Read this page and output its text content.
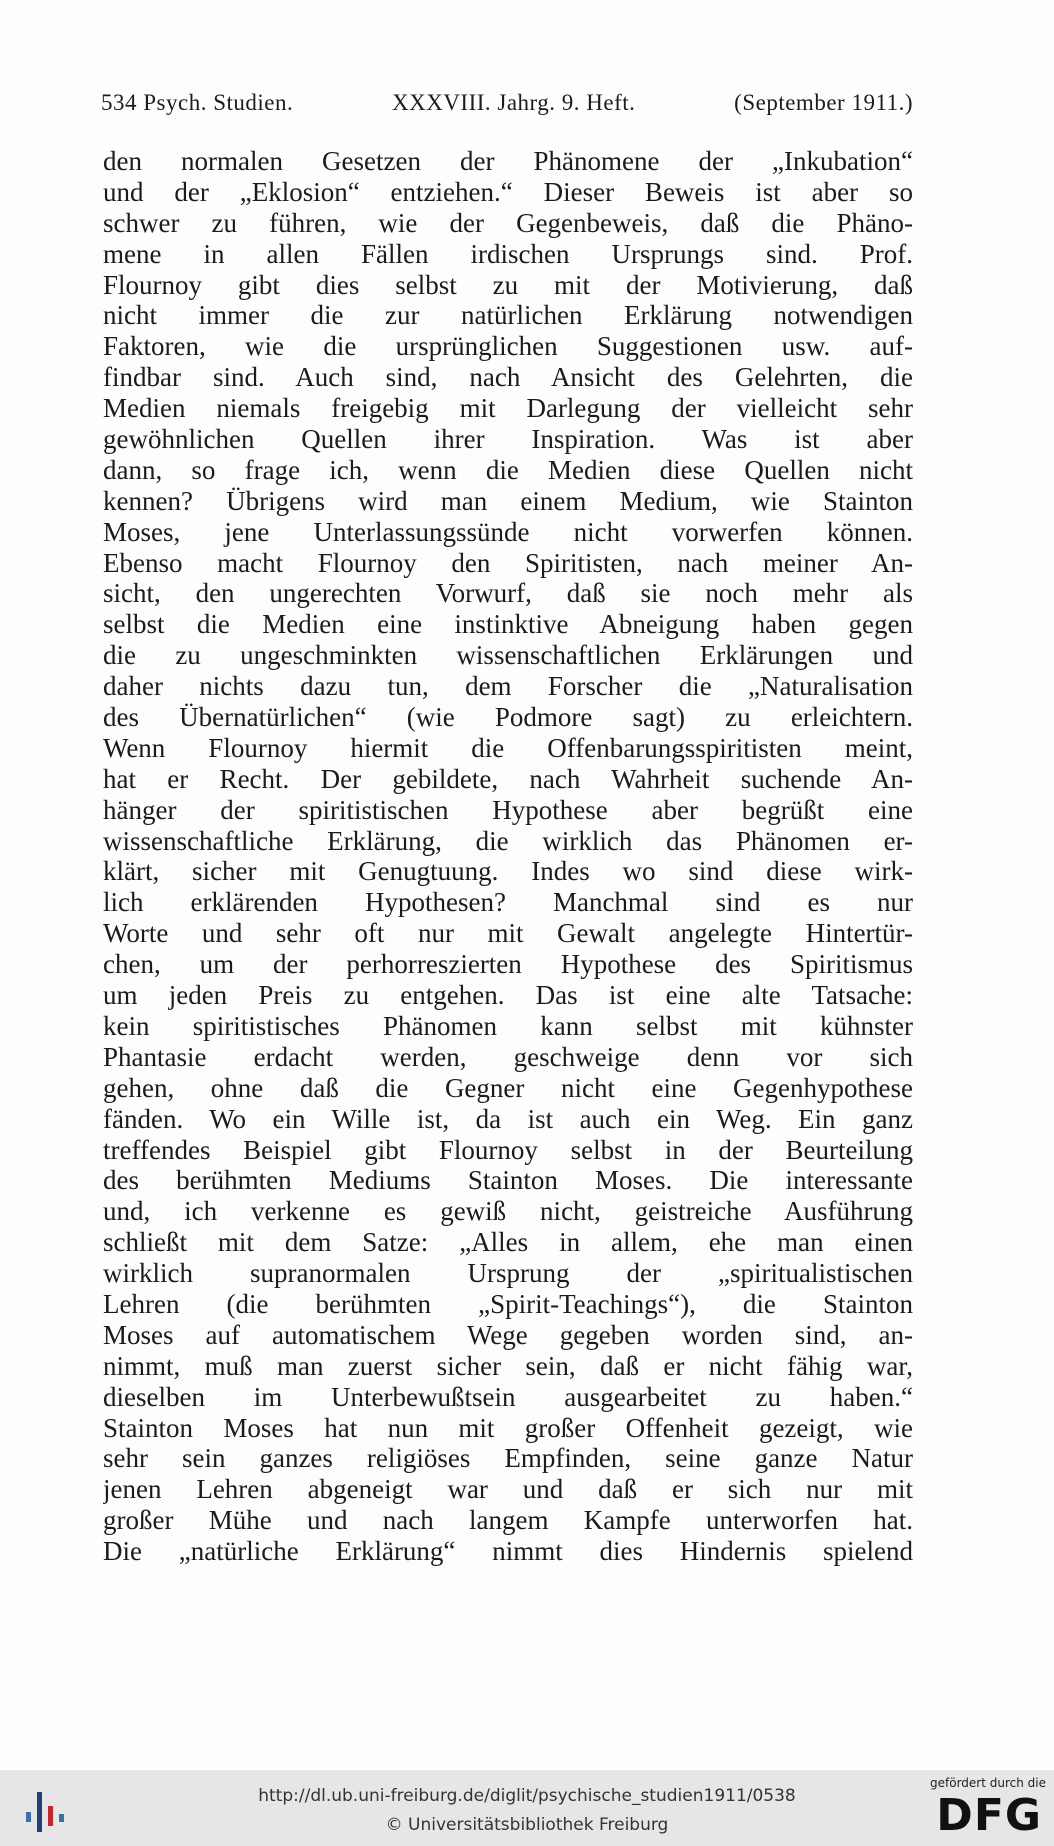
534 Psych. Studien.	XXXVIII. Jahrg. 9. Heft.	(September 1911.)
den normalen Gesetzen der Phänomene der „Inkubation“
und der „Eklosion“ entziehen.“ Dieser Beweis ist aber so
schwer zu führen, wie der Gegenbeweis, daß die Phäno-
mene in allen Fällen irdischen Ursprungs sind. Prof.
Flournoy gibt dies selbst zu mit der Motivierung, daß
nicht immer die zur natürlichen Erklärung notwendigen
Faktoren, wie die ursprünglichen Suggestionen usw. auf-
findbar sind. Auch sind, nach Ansicht des Gelehrten, die
Medien niemals freigebig mit Darlegung der vielleicht sehr
gewöhnlichen Quellen ihrer Inspiration. Was ist aber
dann, so frage ich, wenn die Medien diese Quellen nicht
kennen? Übrigens wird man einem Medium, wie Stainton
Moses, jene Unterlassungssünde nicht vorwerfen können.
Ebenso macht Flournoy den Spiritisten, nach meiner An-
sicht, den ungerechten Vorwurf, daß sie noch mehr als
selbst die Medien eine instinktive Abneigung haben gegen
die zu ungeschminkten wissenschaftlichen Erklärungen und
daher nichts dazu tun, dem Forscher die „Naturalisation
des Übernatürlichen“ (wie Podmore sagt) zu erleichtern.
Wenn Flournoy hiermit die Offenbarungsspiritisten meint,
hat er Recht. Der gebildete, nach Wahrheit suchende An-
hänger der spiritistischen Hypothese aber begrüßt eine
wissenschaftliche Erklärung, die wirklich das Phänomen er-
klärt, sicher mit Genugtuung. Indes wo sind diese wirk-
lich erklärenden Hypothesen? Manchmal sind es nur
Worte und sehr oft nur mit Gewalt angelegte Hintertür-
chen, um der perhorreszierten Hypothese des Spiritismus
um jeden Preis zu entgehen. Das ist eine alte Tatsache:
kein spiritistisches Phänomen kann selbst mit kühnster
Phantasie erdacht werden, geschweige denn vor sich
gehen, ohne daß die Gegner nicht eine Gegenhypothese
fänden. Wo ein Wille ist, da ist auch ein Weg. Ein ganz
treffendes Beispiel gibt Flournoy selbst in der Beurteilung
des berühmten Mediums Stainton Moses. Die interessante
und, ich verkenne es gewiß nicht, geistreiche Ausführung
schließt mit dem Satze: „Alles in allem, ehe man einen
wirklich supranormalen Ursprung der „spiritualistischen
Lehren (die berühmten „Spirit-Teachings“), die Stainton
Moses auf automatischem Wege gegeben worden sind, an-
nimmt, muß man zuerst sicher sein, daß er nicht fähig war,
dieselben im Unterbewußtsein ausgearbeitet zu haben.“
Stainton Moses hat nun mit großer Offenheit gezeigt, wie
sehr sein ganzes religiöses Empfinden, seine ganze Natur
jenen Lehren abgeneigt war und daß er sich nur mit
großer Mühe und nach langem Kampfe unterworfen hat.
Die „natürliche Erklärung“ nimmt dies Hindernis spielend
http://dl.ub.uni-freiburg.de/diglit/psychische_studien1911/0538
© Universitätsbibliothek Freiburg
gefördert durch die
DFG
